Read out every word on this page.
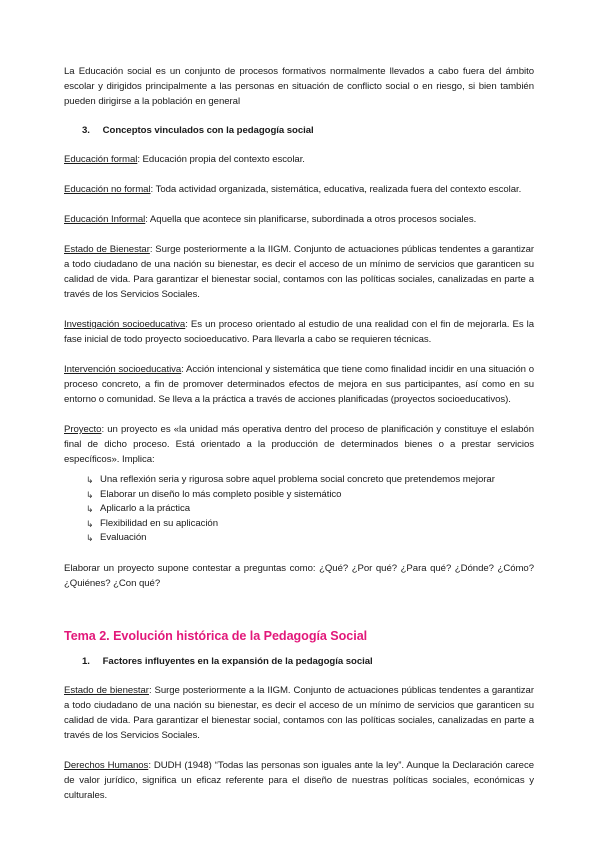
La Educación social es un conjunto de procesos formativos normalmente llevados a cabo fuera del ámbito escolar y dirigidos principalmente a las personas en situación de conflicto social o en riesgo, si bien también pueden dirigirse a la población en general

3. Conceptos vinculados con la pedagogía social

Educación formal: Educación propia del contexto escolar.

Educación no formal: Toda actividad organizada, sistemática, educativa, realizada fuera del contexto escolar.

Educación Informal: Aquella que acontece sin planificarse, subordinada a otros procesos sociales.

Estado de Bienestar: Surge posteriormente a la IIGM. Conjunto de actuaciones públicas tendentes a garantizar a todo ciudadano de una nación su bienestar, es decir el acceso de un mínimo de servicios que garanticen su calidad de vida. Para garantizar el bienestar social, contamos con las políticas sociales, canalizadas en parte a través de los Servicios Sociales.

Investigación socioeducativa: Es un proceso orientado al estudio de una realidad con el fin de mejorarla. Es la fase inicial de todo proyecto socioeducativo. Para llevarla a cabo se requieren técnicas.

Intervención socioeducativa: Acción intencional y sistemática que tiene como finalidad incidir en una situación o proceso concreto, a fin de promover determinados efectos de mejora en sus participantes, así como en su entorno o comunidad. Se lleva a la práctica a través de acciones planificadas (proyectos socioeducativos).

Proyecto: un proyecto es «la unidad más operativa dentro del proceso de planificación y constituye el eslabón final de dicho proceso. Está orientado a la producción de determinados bienes o a prestar servicios específicos». Implica:

↳ Una reflexión seria y rigurosa sobre aquel problema social concreto que pretendemos mejorar
↳ Elaborar un diseño lo más completo posible y sistemático
↳ Aplicarlo a la práctica
↳ Flexibilidad en su aplicación
↳ Evaluación

Elaborar un proyecto supone contestar a preguntas como: ¿Qué? ¿Por qué? ¿Para qué? ¿Dónde? ¿Cómo? ¿Quiénes? ¿Con qué?

Tema 2. Evolución histórica de la Pedagogía Social
1. Factores influyentes en la expansión de la pedagogía social

Estado de bienestar: Surge posteriormente a la IIGM. Conjunto de actuaciones públicas tendentes a garantizar a todo ciudadano de una nación su bienestar, es decir el acceso de un mínimo de servicios que garanticen su calidad de vida. Para garantizar el bienestar social, contamos con las políticas sociales, canalizadas en parte a través de los Servicios Sociales.

Derechos Humanos: DUDH (1948) “Todas las personas son iguales ante la ley”. Aunque la Declaración carece de valor jurídico, significa un eficaz referente para el diseño de nuestras políticas sociales, económicas y culturales.
